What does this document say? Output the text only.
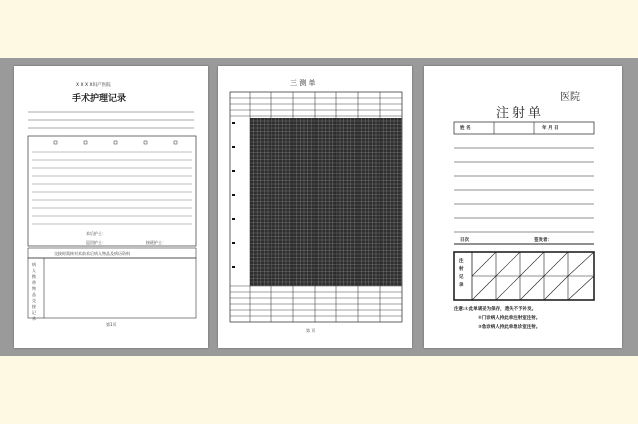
X X X X妇产医院
手术护理记录
术后护士：
巡回护士：	接班护士：
交接时需核对术前术后病人物品及病历资料
病人携带物品交接记录
第1页
三 测 单
第 页
医院
注射单
姓 名	年 月 日
日次	签发者：
注射记录
注意:①此单请妥为保存，遗失不予补发。
②门诊病人持此单注射室注射。
③急诊病人持此单急诊室注射。
